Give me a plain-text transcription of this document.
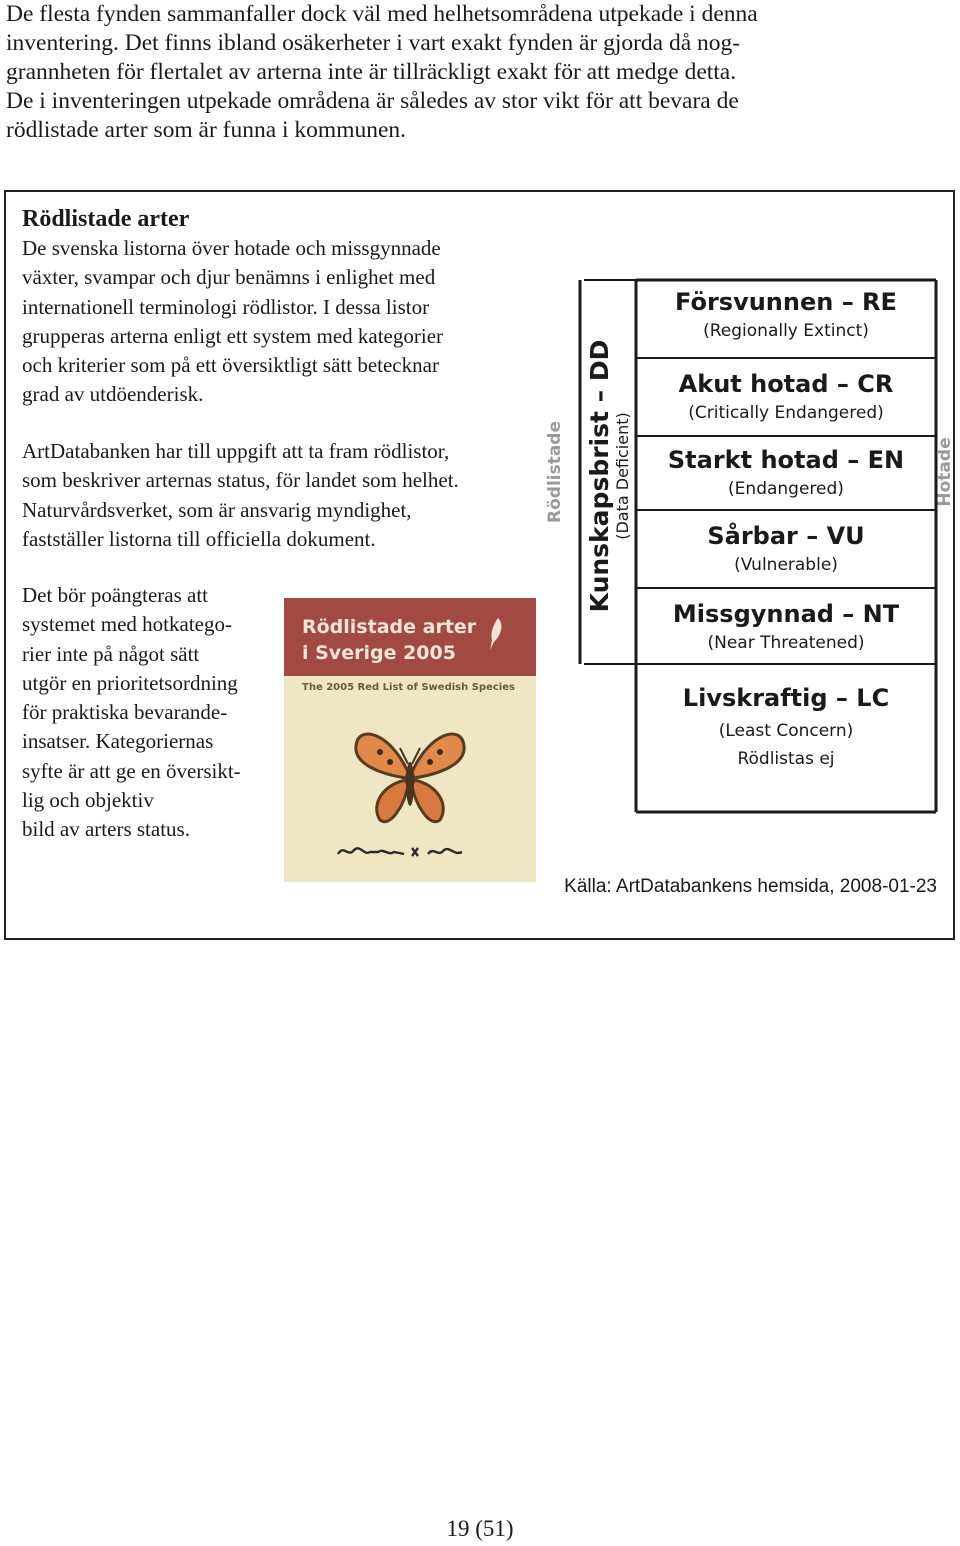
De flesta fynden sammanfaller dock väl med helhetsområdena utpekade i denna
inventering. Det finns ibland osäkerheter i vart exakt fynden är gjorda då nog-
grannheten för flertalet av arterna inte är tillräckligt exakt för att medge detta.
De i inventeringen utpekade områdena är således av stor vikt för att bevara de
rödlistade arter som är funna i kommunen.
Rödlistade arter
De svenska listorna över hotade och missgynnade
växter, svampar och djur benämns i enlighet med
internationell terminologi rödlistor. I dessa listor
grupperas arterna enligt ett system med kategorier
och kriterier som på ett översiktligt sätt betecknar
grad av utdöenderisk.
ArtDatabanken har till uppgift att ta fram rödlistor,
som beskriver arternas status, för landet som helhet.
Naturvårdsverket, som är ansvarig myndighet,
fastställer listorna till officiella dokument.
Det bör poängteras att
systemet med hotkatego-
rier inte på något sätt
utgör en prioritetsordning
för praktiska bevarande-
insatser. Kategoriernas
syfte är att ge en översikt-
lig och objektiv
bild av arters status.
Rödlistade arter
i Sverige 2005
The 2005 Red List of Swedish Species
Rödlistade	Hotade
Kunskapsbrist – DD (Data Deficient)
Försvunnen – RE
(Regionally Extinct)
Akut hotad – CR
(Critically Endangered)
Starkt hotad – EN
(Endangered)
Sårbar – VU
(Vulnerable)
Missgynnad – NT
(Near Threatened)
Livskraftig – LC
(Least Concern)
Rödlistas ej
Källa: ArtDatabankens hemsida, 2008-01-23
19 (51)
